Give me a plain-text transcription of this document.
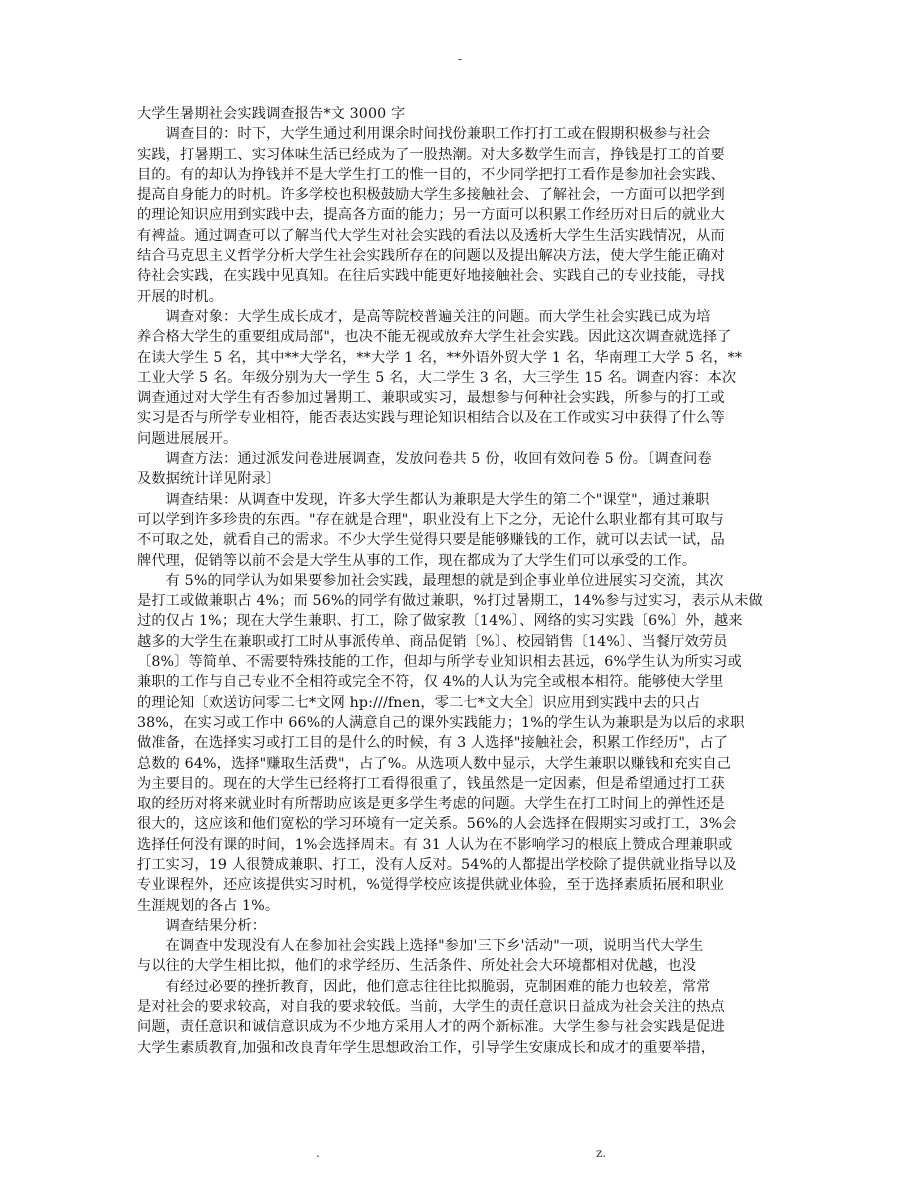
-
大学生暑期社会实践调查报告*文 3000 字
　　调查目的：时下，大学生通过利用课余时间找份兼职工作打打工或在假期积极参与社会
实践，打暑期工、实习体味生活已经成为了一股热潮。对大多数学生而言，挣钱是打工的首要
目的。有的却认为挣钱并不是大学生打工的惟一目的，不少同学把打工看作是参加社会实践、
提高自身能力的时机。许多学校也积极鼓励大学生多接触社会、了解社会，一方面可以把学到
的理论知识应用到实践中去，提高各方面的能力；另一方面可以积累工作经历对日后的就业大
有裨益。通过调查可以了解当代大学生对社会实践的看法以及透析大学生生活实践情况，从而
结合马克思主义哲学分析大学生社会实践所存在的问题以及提出解决方法，使大学生能正确对
待社会实践，在实践中见真知。在往后实践中能更好地接触社会、实践自己的专业技能，寻找
开展的时机。
　　调查对象：大学生成长成才，是高等院校普遍关注的问题。而大学生社会实践已成为培
养合格大学生的重要组成局部"，也决不能无视或放弃大学生社会实践。因此这次调查就选择了
在读大学生 5 名，其中**大学名，**大学 1 名，**外语外贸大学 1 名，华南理工大学 5 名，**
工业大学 5 名。年级分别为大一学生 5 名，大二学生 3 名，大三学生 15 名。调查内容：本次
调查通过对大学生有否参加过暑期工、兼职或实习，最想参与何种社会实践，所参与的打工或
实习是否与所学专业相符，能否表达实践与理论知识相结合以及在工作或实习中获得了什么等
问题进展展开。
　　调查方法：通过派发问卷进展调查，发放问卷共 5 份，收回有效问卷 5 份。〔调查问卷
及数据统计详见附录〕
　　调查结果：从调查中发现，许多大学生都认为兼职是大学生的第二个"课堂"，通过兼职
可以学到许多珍贵的东西。"存在就是合理"，职业没有上下之分，无论什么职业都有其可取与
不可取之处，就看自己的需求。不少大学生觉得只要是能够赚钱的工作，就可以去试一试，品
牌代理，促销等以前不会是大学生从事的工作，现在都成为了大学生们可以承受的工作。
　　有 5%的同学认为如果要参加社会实践，最理想的就是到企事业单位进展实习交流，其次
是打工或做兼职占 4%；而 56%的同学有做过兼职，%打过暑期工，14%参与过实习，表示从未做
过的仅占 1%；现在大学生兼职、打工，除了做家教〔14%〕、网络的实习实践〔6%〕外，越来
越多的大学生在兼职或打工时从事派传单、商品促销〔%〕、校园销售〔14%〕、当餐厅效劳员
〔8%〕等简单、不需要特殊技能的工作，但却与所学专业知识相去甚远，6%学生认为所实习或
兼职的工作与自己专业不全相符或完全不符，仅 4%的人认为完全或根本相符。能够使大学里
的理论知〔欢送访问零二七*文网 hp:///fnen，零二七*文大全〕识应用到实践中去的只占
38%，在实习或工作中 66%的人满意自己的课外实践能力；1%的学生认为兼职是为以后的求职
做准备，在选择实习或打工目的是什么的时候，有 3 人选择"接触社会，积累工作经历"，占了
总数的 64%，选择"赚取生活费"，占了%。从选项人数中显示，大学生兼职以赚钱和充实自己
为主要目的。现在的大学生已经将打工看得很重了，钱虽然是一定因素，但是希望通过打工获
取的经历对将来就业时有所帮助应该是更多学生考虑的问题。大学生在打工时间上的弹性还是
很大的，这应该和他们宽松的学习环境有一定关系。56%的人会选择在假期实习或打工，3%会
选择任何没有课的时间，1%会选择周末。有 31 人认为在不影响学习的根底上赞成合理兼职或
打工实习，19 人很赞成兼职、打工，没有人反对。54%的人都提出学校除了提供就业指导以及
专业课程外，还应该提供实习时机，%觉得学校应该提供就业体验，至于选择素质拓展和职业
生涯规划的各占 1%。
　　调查结果分析：
　　在调查中发现没有人在参加社会实践上选择"参加'三下乡'活动"一项，说明当代大学生
与以往的大学生相比拟，他们的求学经历、生活条件、所处社会大环境都相对优越，也没
　　有经过必要的挫折教育，因此，他们意志往往比拟脆弱，克制困难的能力也较差，常常
是对社会的要求较高，对自我的要求较低。当前，大学生的责任意识日益成为社会关注的热点
问题，责任意识和诚信意识成为不少地方采用人才的两个新标准。大学生参与社会实践是促进
大学生素质教育,加强和改良青年学生思想政治工作，引导学生安康成长和成才的重要举措，
.	z.
